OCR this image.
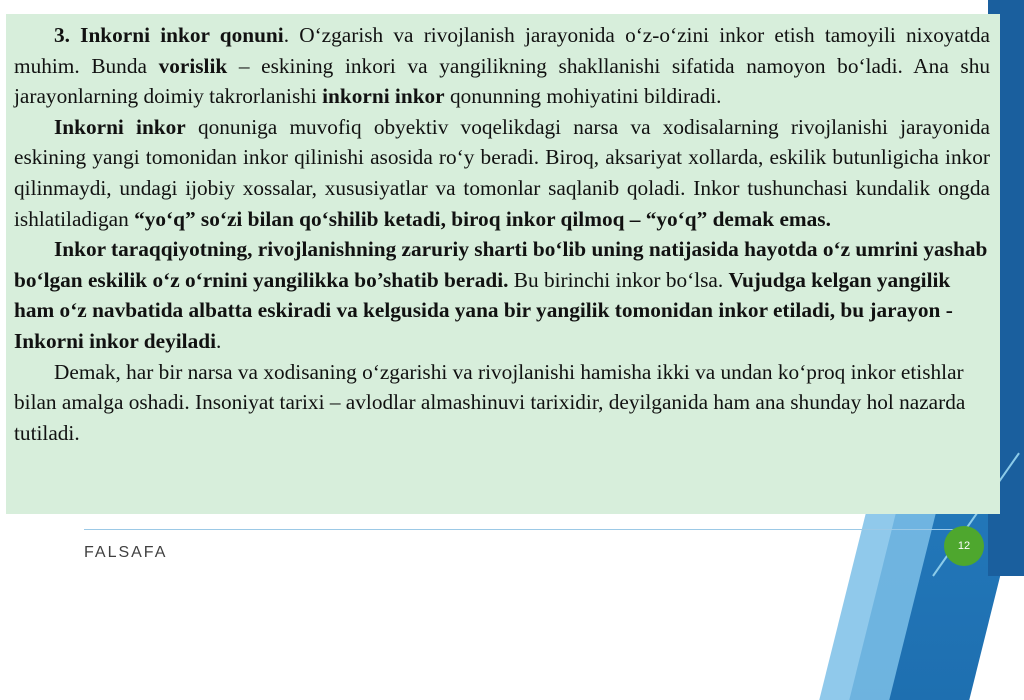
3. Inkorni inkor qonuni. O‘zgarish va rivojlanish jarayonida o‘z-o‘zini inkor etish tamoyili nixoyatda muhim. Bunda vorislik – eskining inkori va yangilikning shakllanishi sifatida namoyon bo‘ladi. Ana shu jarayonlarning doimiy takrorlanishi inkorni inkor qonunning mohiyatini bildiradi.

Inkorni inkor qonuniga muvofiq obyektiv voqelikdagi narsa va xodisalarning rivojlanishi jarayonida eskining yangi tomonidan inkor qilinishi asosida ro‘y beradi. Biroq, aksariyat xollarda, eskilik butunligicha inkor qilinmaydi, undagi ijobiy xossalar, xususiyatlar va tomonlar saqlanib qoladi. Inkor tushunchasi kundalik ongda ishlatiladigan “yo‘q” so‘zi bilan qo‘shilib ketadi, biroq inkor qilmoq – “yo‘q” demak emas.

Inkor taraqqiyotning, rivojlanishning zaruriy sharti bo‘lib uning natijasida hayotda o‘z umrini yashab bo‘lgan eskilik o‘z o‘rnini yangilikka bo’shatib beradi. Bu birinchi inkor bo‘lsa. Vujudga kelgan yangilik ham o‘z navbatida albatta eskiradi va kelgusida yana bir yangilik tomonidan inkor etiladi, bu jarayon - Inkorni inkor deyiladi.

Demak, har bir narsa va xodisaning o‘zgarishi va rivojlanishi hamisha ikki va undan ko‘proq inkor etishlar bilan amalga oshadi. Insoniyat tarixi – avlodlar almashinuvi tarixidir, deyilganida ham ana shunday hol nazarda tutiladi.

FALSAFA	12
